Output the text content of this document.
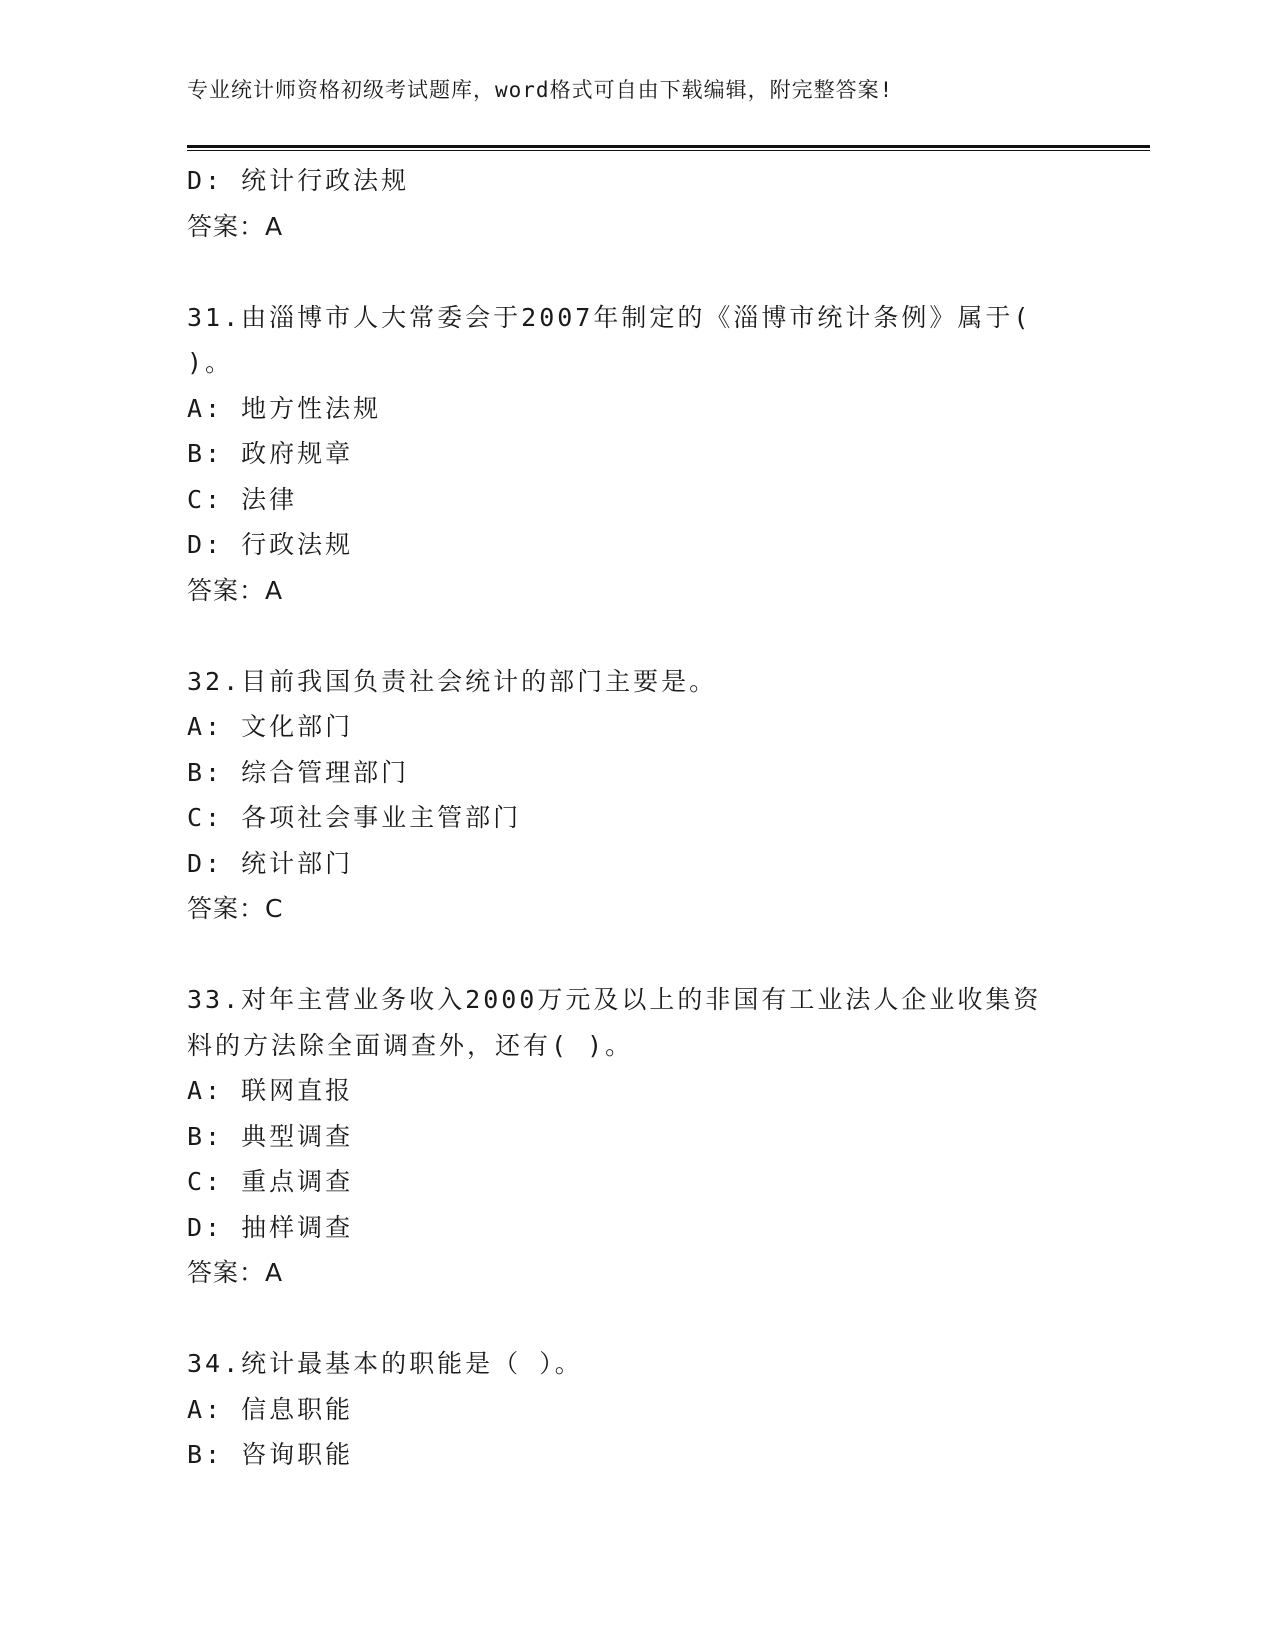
专业统计师资格初级考试题库，word格式可自由下载编辑，附完整答案!
D: 统计行政法规
答案：A
31.由淄博市人大常委会于2007年制定的《淄博市统计条例》属于(
)。
A: 地方性法规
B: 政府规章
C: 法律
D: 行政法规
答案：A
32.目前我国负责社会统计的部门主要是。
A: 文化部门
B: 综合管理部门
C: 各项社会事业主管部门
D: 统计部门
答案：C
33.对年主营业务收入2000万元及以上的非国有工业法人企业收集资
料的方法除全面调查外，还有( )。
A: 联网直报
B: 典型调查
C: 重点调查
D: 抽样调查
答案：A
34.统计最基本的职能是（ ）。
A: 信息职能
B: 咨询职能
